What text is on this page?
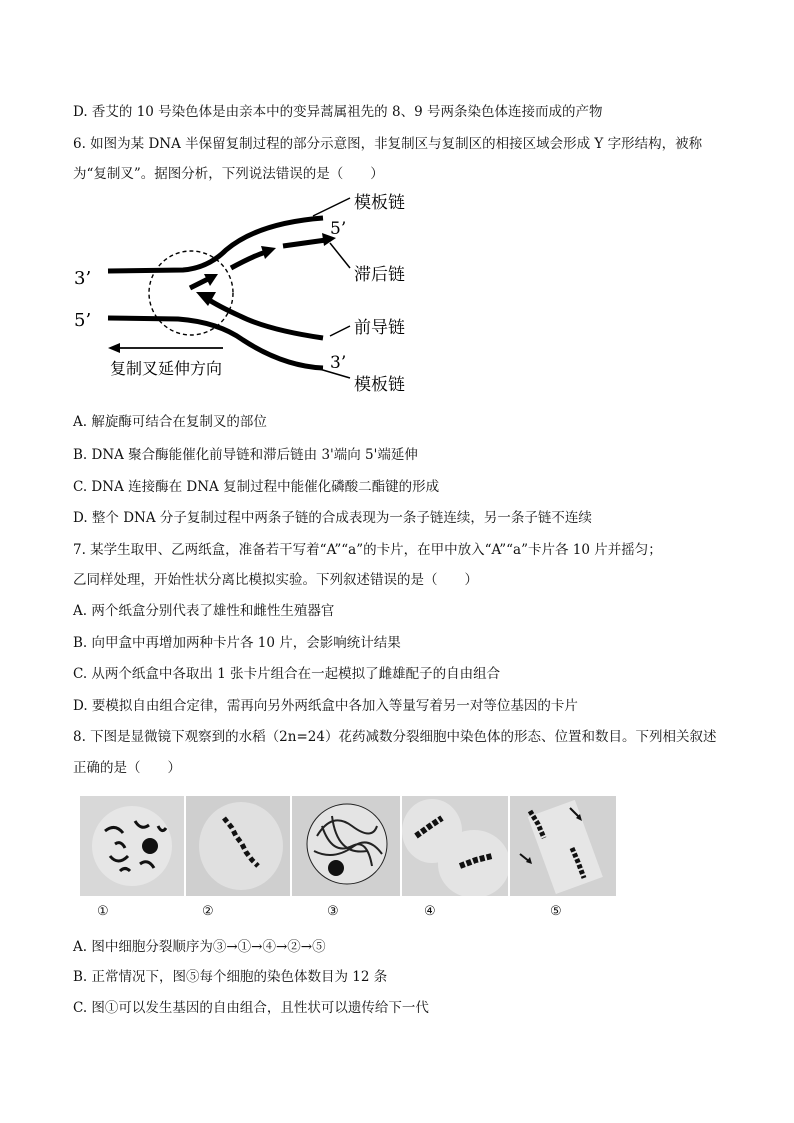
D. 香艾的 10 号染色体是由亲本中的变异蒿属祖先的 8、9 号两条染色体连接而成的产物
6. 如图为某 DNA 半保留复制过程的部分示意图，非复制区与复制区的相接区域会形成 Y 字形结构，被称
为“复制叉”。据图分析，下列说法错误的是（　　）
模板链
5’
滞后链
3’
5’	前导链
3’
模板链
复制叉延伸方向
A. 解旋酶可结合在复制叉的部位
B. DNA 聚合酶能催化前导链和滞后链由 3'端向 5'端延伸
C. DNA 连接酶在 DNA 复制过程中能催化磷酸二酯键的形成
D. 整个 DNA 分子复制过程中两条子链的合成表现为一条子链连续，另一条子链不连续
7. 某学生取甲、乙两纸盒，准备若干写着“A”“a”的卡片，在甲中放入“A”“a”卡片各 10 片并摇匀；
乙同样处理，开始性状分离比模拟实验。下列叙述错误的是（　　）
A. 两个纸盒分别代表了雄性和雌性生殖器官
B. 向甲盒中再增加两种卡片各 10 片，会影响统计结果
C. 从两个纸盒中各取出 1 张卡片组合在一起模拟了雌雄配子的自由组合
D. 要模拟自由组合定律，需再向另外两纸盒中各加入等量写着另一对等位基因的卡片
8. 下图是显微镜下观察到的水稻（2n=24）花药减数分裂细胞中染色体的形态、位置和数目。下列相关叙述
正确的是（　　）
①	②	③	④	⑤
A. 图中细胞分裂顺序为③→①→④→②→⑤
B. 正常情况下，图⑤每个细胞的染色体数目为 12 条
C. 图①可以发生基因的自由组合，且性状可以遗传给下一代
